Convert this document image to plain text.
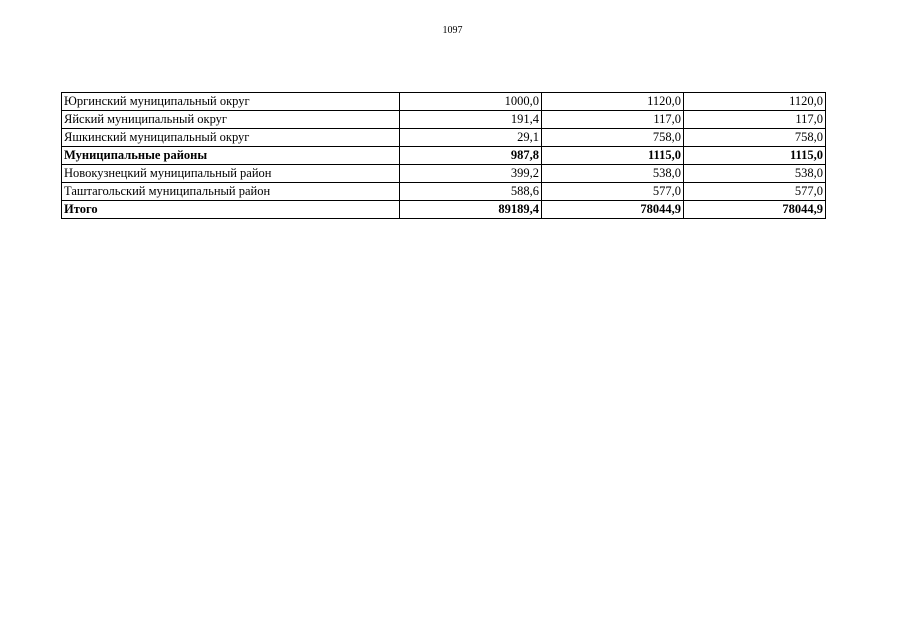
1097
Юргинский муниципальный округ	1000,0	1120,0	1120,0
Яйский муниципальный округ	191,4	117,0	117,0
Яшкинский муниципальный округ	29,1	758,0	758,0
Муниципальные районы	987,8	1115,0	1115,0
Новокузнецкий муниципальный район	399,2	538,0	538,0
Таштагольский муниципальный район	588,6	577,0	577,0
Итого	89189,4	78044,9	78044,9
